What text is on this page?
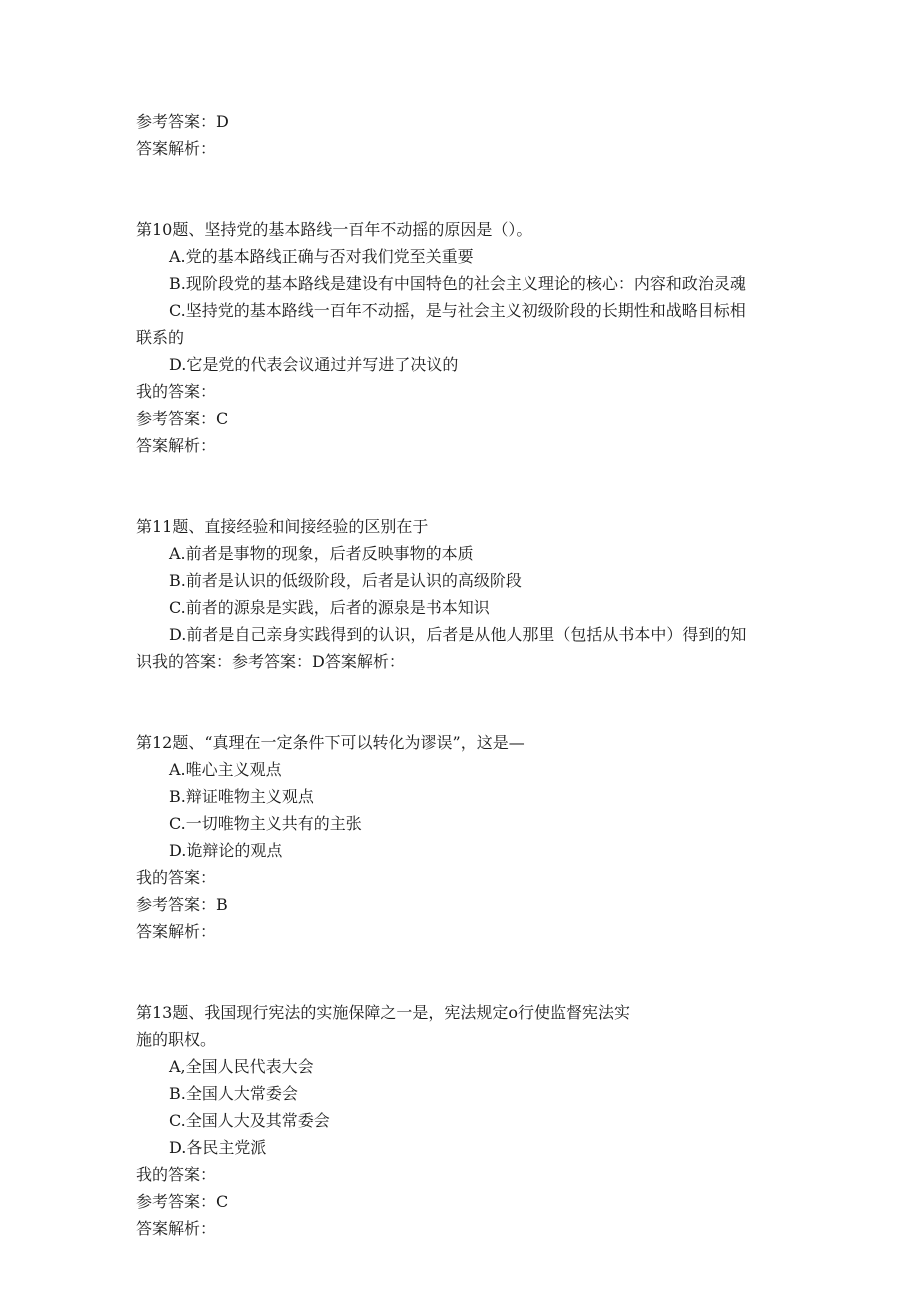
参考答案：D
答案解析：
第10题、坚持党的基本路线一百年不动摇的原因是（）。
A.党的基本路线正确与否对我们党至关重要
B.现阶段党的基本路线是建设有中国特色的社会主义理论的核心：内容和政治灵魂
C.坚持党的基本路线一百年不动摇，是与社会主义初级阶段的长期性和战略目标相
联系的
D.它是党的代表会议通过并写进了决议的
我的答案：
参考答案：C
答案解析：
第11题、直接经验和间接经验的区别在于
A.前者是事物的现象，后者反映事物的本质
B.前者是认识的低级阶段，后者是认识的高级阶段
C.前者的源泉是实践，后者的源泉是书本知识
D.前者是自己亲身实践得到的认识，后者是从他人那里（包括从书本中）得到的知
识我的答案：参考答案：D答案解析：
第12题、“真理在一定条件下可以转化为谬误”，这是—
A.唯心主义观点
B.辩证唯物主义观点
C.一切唯物主义共有的主张
D.诡辩论的观点
我的答案：
参考答案：B
答案解析：
第13题、我国现行宪法的实施保障之一是，宪法规定o行使监督宪法实
施的职权。
A,全国人民代表大会
B.全国人大常委会
C.全国人大及其常委会
D.各民主党派
我的答案：
参考答案：C
答案解析：
